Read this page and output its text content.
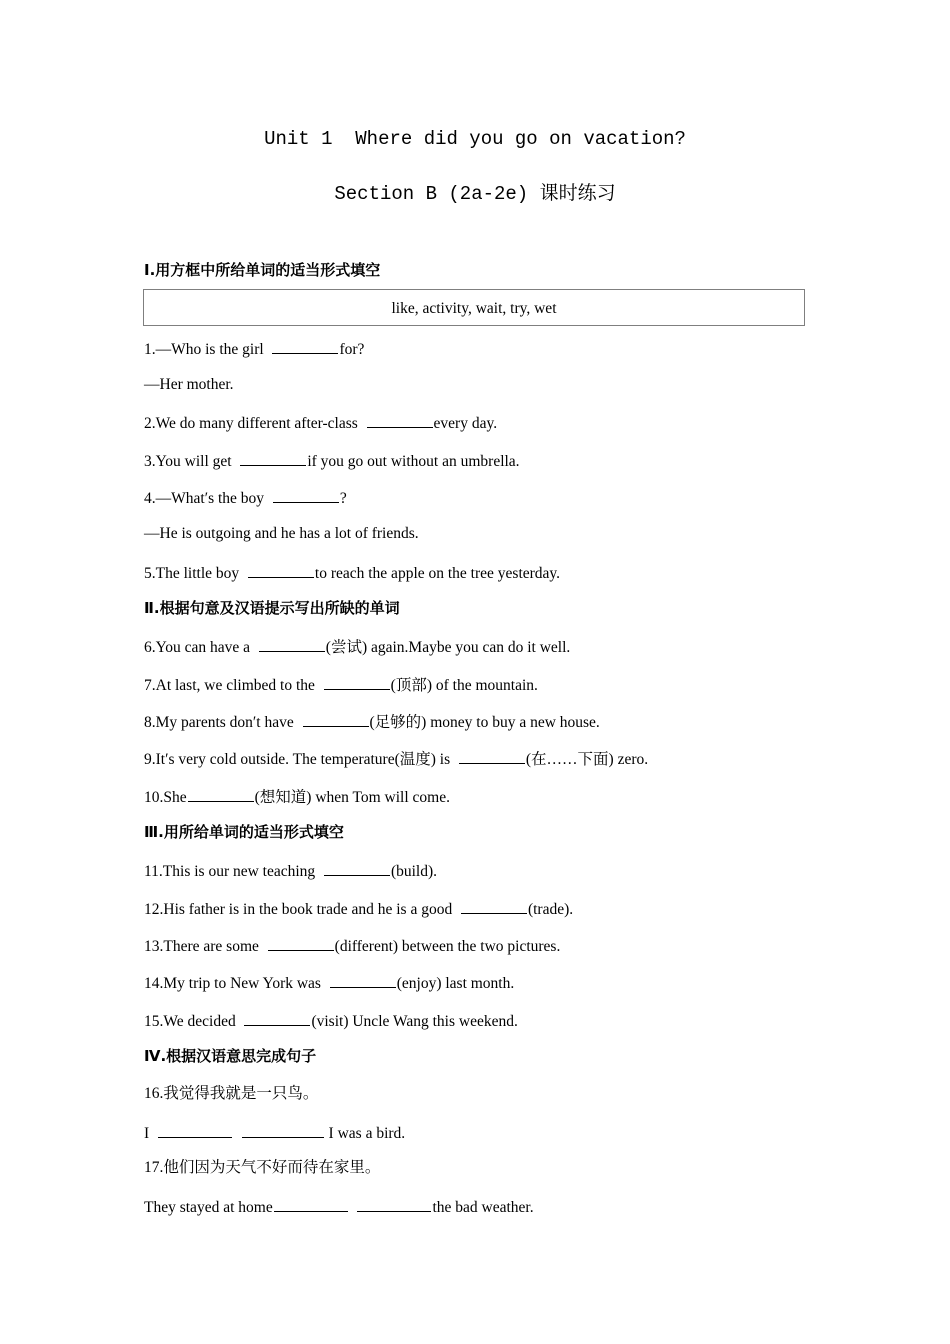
Unit 1  Where did you go on vacation?
Section B (2a-2e) 课时练习
Ⅰ.用方框中所给单词的适当形式填空
like, activity, wait, try, wet
1.—Who is the girl	for?
—Her mother.
2.We do many different after-class	every day.
3.You will get	if you go out without an umbrella.
4.—What′s the boy	?
—He is outgoing and he has a lot of friends.
5.The little boy	to reach the apple on the tree yesterday.
Ⅱ.根据句意及汉语提示写出所缺的单词
6.You can have a	(尝试) again.Maybe you can do it well.
7.At last, we climbed to the	(顶部) of the mountain.
8.My parents don′t have	(足够的) money to buy a new house.
9.It′s very cold outside. The temperature(温度) is	(在……下面) zero.
10.She	(想知道) when Tom will come.
Ⅲ.用所给单词的适当形式填空
11.This is our new teaching	(build).
12.His father is in the book trade and he is a good	(trade).
13.There are some	(different) between the two pictures.
14.My trip to New York was	(enjoy) last month.
15.We decided	(visit) Uncle Wang this weekend.
Ⅳ.根据汉语意思完成句子
16.我觉得我就是一只鸟。
I	I was a bird.
17.他们因为天气不好而待在家里。
They stayed at home	the bad weather.
